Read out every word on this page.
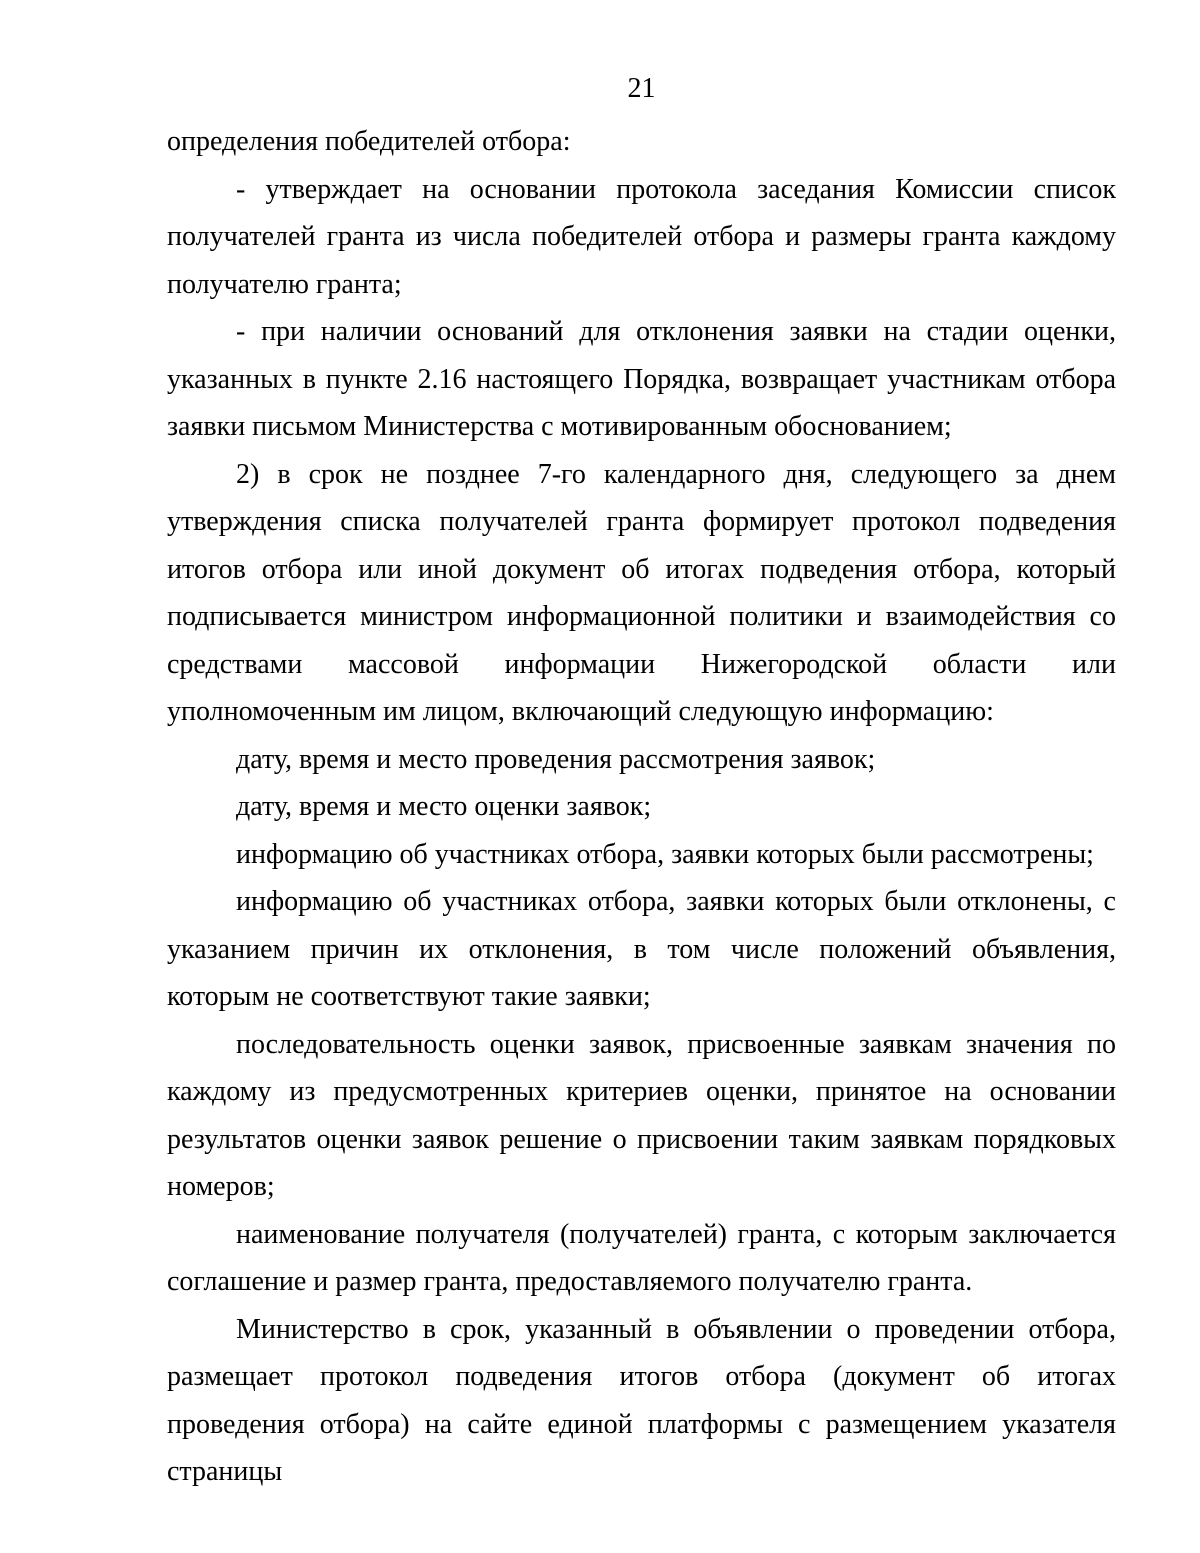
21

определения победителей отбора:

- утверждает на основании протокола заседания Комиссии список получателей гранта из числа победителей отбора и размеры гранта каждому получателю гранта;

- при наличии оснований для отклонения заявки на стадии оценки, указанных в пункте 2.16 настоящего Порядка, возвращает участникам отбора заявки письмом Министерства с мотивированным обоснованием;

2) в срок не позднее 7-го календарного дня, следующего за днем утверждения списка получателей гранта формирует протокол подведения итогов отбора или иной документ об итогах подведения отбора, который подписывается министром информационной политики и взаимодействия со средствами массовой информации Нижегородской области или уполномоченным им лицом, включающий следующую информацию:

дату, время и место проведения рассмотрения заявок;

дату, время и место оценки заявок;

информацию об участниках отбора, заявки которых были рассмотрены;

информацию об участниках отбора, заявки которых были отклонены, с указанием причин их отклонения, в том числе положений объявления, которым не соответствуют такие заявки;

последовательность оценки заявок, присвоенные заявкам значения по каждому из предусмотренных критериев оценки, принятое на основании результатов оценки заявок решение о присвоении таким заявкам порядковых номеров;

наименование получателя (получателей) гранта, с которым заключается соглашение и размер гранта, предоставляемого получателю гранта.

Министерство в срок, указанный в объявлении о проведении отбора, размещает протокол подведения итогов отбора (документ об итогах проведения отбора) на сайте единой платформы с размещением указателя страницы
